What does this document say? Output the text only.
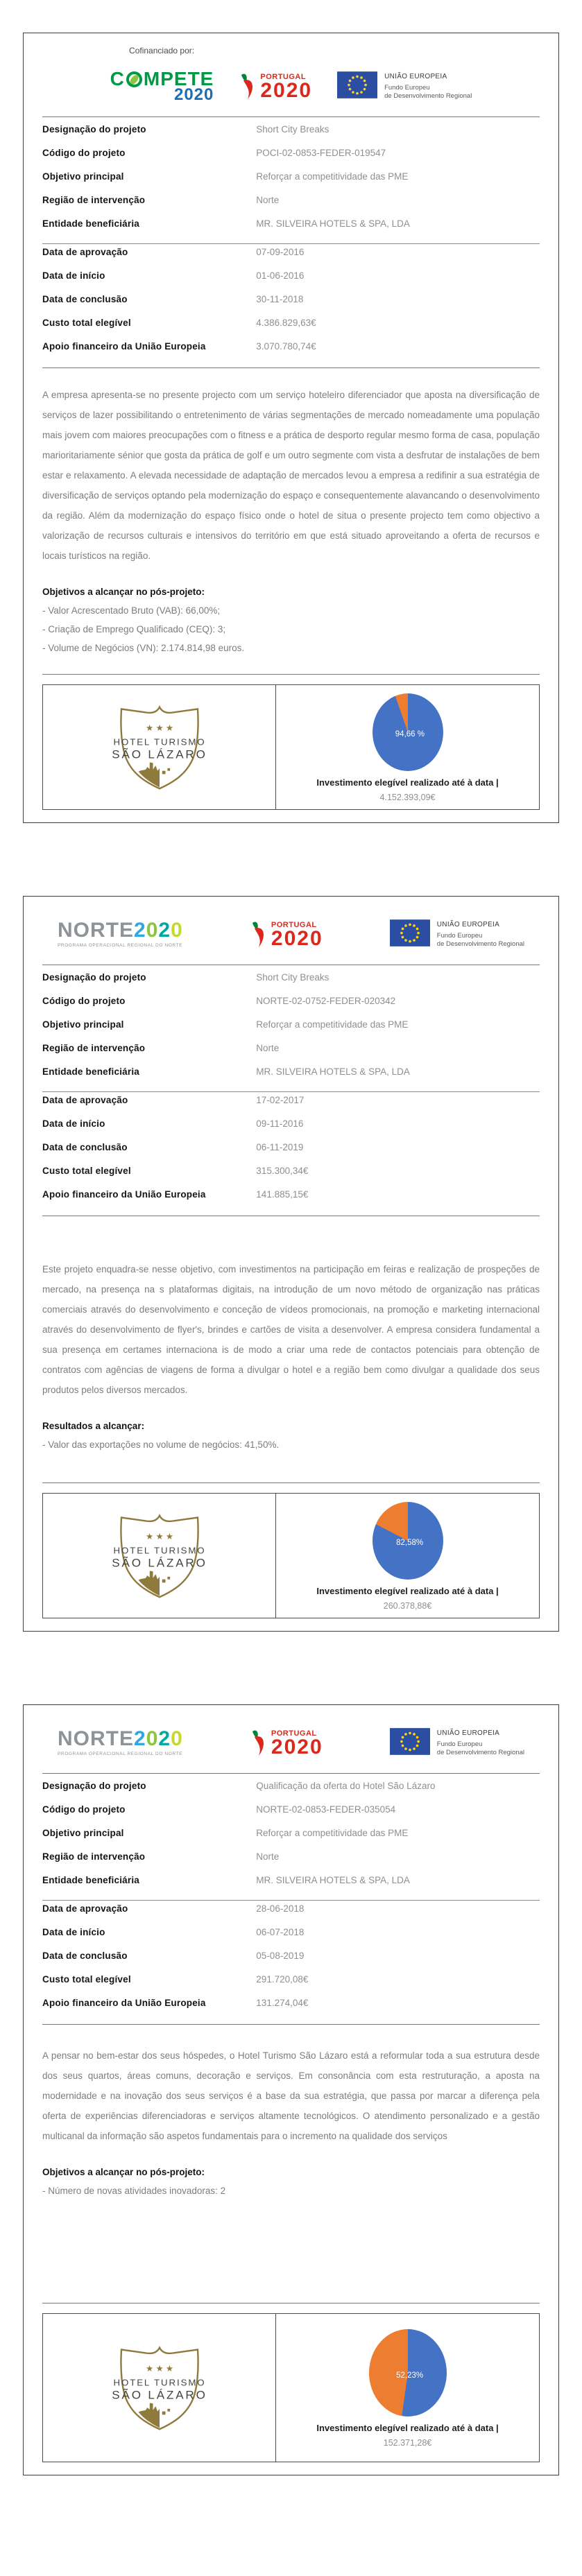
Cofinanciado por:
C MPETE
2020
PORTUGAL
2020
UNIÃO EUROPEIA
Fundo Europeu
de Desenvolvimento Regional
Designação do projeto	Short City Breaks
Código do projeto	POCI-02-0853-FEDER-019547
Objetivo principal	Reforçar a competitividade das PME
Região de intervenção	Norte
Entidade beneficiária	MR. SILVEIRA HOTELS & SPA, LDA
Data de aprovação	07-09-2016
Data de início	01-06-2016
Data de conclusão	30-11-2018
Custo total elegível	4.386.829,63€
Apoio financeiro da União Europeia	3.070.780,74€

A empresa apresenta-se no presente projecto com um serviço hoteleiro diferenciador que aposta na diversificação de serviços de lazer possibilitando o entretenimento de várias segmentações de mercado nomeadamente uma população mais jovem com maiores preocupações com o fitness e a prática de desporto regular mesmo forma de casa, população marioritariamente sénior que gosta da prática de golf e um outro segmente com vista a desfrutar de instalações de bem estar e relaxamento. A elevada necessidade de adaptação de mercados levou a empresa a redifinir a sua estratégia de diversificação de serviços optando pela modernização do espaço e consequentemente alavancando o desenvolvimento da região. Além da modernização do espaço físico onde o hotel de situa o presente projecto tem como objectivo a valorização de recursos culturais e intensivos do território em que está situado aproveitando a oferta de recursos e locais turísticos na região.

Objetivos a alcançar no pós-projeto:
- Valor Acrescentado Bruto (VAB): 66,00%;
- Criação de Emprego Qualificado (CEQ): 3;
- Volume de Negócios (VN): 2.174.814,98 euros.
★ ★ ★
HOTEL TURISMO
SÃO LÁZARO
94,66 %
Investimento elegível realizado até à data |
4.152.393,09€
NORTE 2 0 2 0
PROGRAMA OPERACIONAL REGIONAL DO NORTE
PORTUGAL
2020
UNIÃO EUROPEIA
Fundo Europeu
de Desenvolvimento Regional
Designação do projeto	Short City Breaks
Código do projeto	NORTE-02-0752-FEDER-020342
Objetivo principal	Reforçar a competitividade das PME
Região de intervenção	Norte
Entidade beneficiária	MR. SILVEIRA HOTELS & SPA, LDA
Data de aprovação	17-02-2017
Data de início	09-11-2016
Data de conclusão	06-11-2019
Custo total elegível	315.300,34€
Apoio financeiro da União Europeia	141.885,15€

Este projeto enquadra-se nesse objetivo, com investimentos na participação em feiras e realização de prospeções de mercado, na presença na s plataformas digitais, na introdução de um novo método de organização nas práticas comerciais através do desenvolvimento e conceção de vídeos promocionais, na promoção e marketing internacional através do desenvolvimento de flyer's, brindes e cartões de visita a desenvolver. A empresa considera fundamental a sua presença em certames internaciona is de modo a criar uma rede de contactos potenciais para obtenção de contratos com agências de viagens de forma a divulgar o hotel e a região bem como divulgar a qualidade dos seus produtos pelos diversos mercados.

Resultados a alcançar:
- Valor das exportações no volume de negócios: 41,50%.
★ ★ ★
HOTEL TURISMO
SÃO LÁZARO
82,58%
Investimento elegível realizado até à data |
260.378,88€
NORTE 2 0 2 0
PROGRAMA OPERACIONAL REGIONAL DO NORTE
PORTUGAL
2020
UNIÃO EUROPEIA
Fundo Europeu
de Desenvolvimento Regional
Designação do projeto	Qualificação da oferta do Hotel São Lázaro
Código do projeto	NORTE-02-0853-FEDER-035054
Objetivo principal	Reforçar a competitividade das PME
Região de intervenção	Norte
Entidade beneficiária	MR. SILVEIRA HOTELS & SPA, LDA
Data de aprovação	28-06-2018
Data de início	06-07-2018
Data de conclusão	05-08-2019
Custo total elegível	291.720,08€
Apoio financeiro da União Europeia	131.274,04€

A pensar no bem-estar dos seus hóspedes, o Hotel Turismo São Lázaro está a reformular toda a sua estrutura desde dos seus quartos, áreas comuns, decoração e serviços. Em consonância com esta restruturação, a aposta na modernidade e na inovação dos seus serviços é a base da sua estratégia, que passa por marcar a diferença pela oferta de experiências diferenciadoras e serviços altamente tecnológicos. O atendimento personalizado e a gestão multicanal da informação são aspetos fundamentais para o incremento na qualidade dos serviços

Objetivos a alcançar no pós-projeto:
- Número de novas atividades inovadoras: 2
★ ★ ★
HOTEL TURISMO
SÃO LÁZARO
52,23%
Investimento elegível realizado até à data |
152.371,28€
